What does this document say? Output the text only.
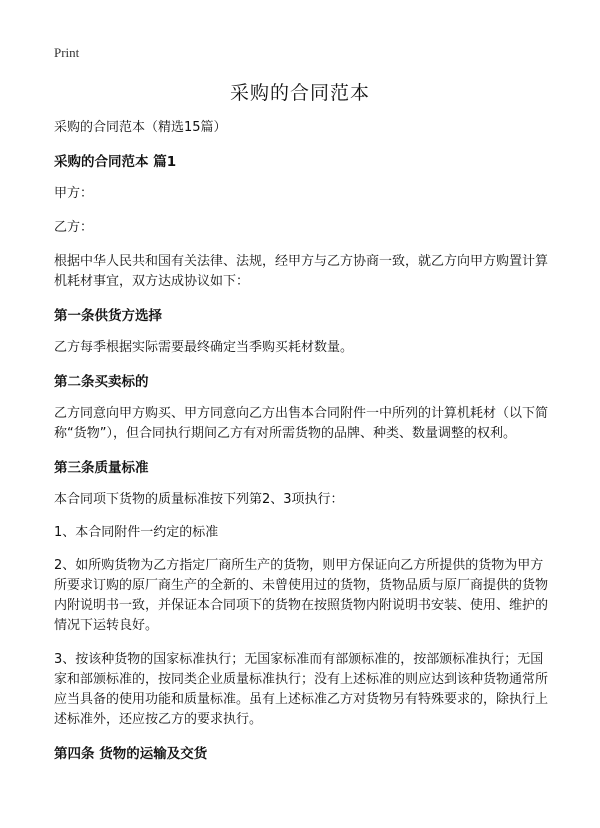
Print
采购的合同范本

采购的合同范本（精选15篇）

采购的合同范本 篇1

甲方：

乙方：

根据中华人民共和国有关法律、法规，经甲方与乙方协商一致，就乙方向甲方购置计算机耗材事宜，双方达成协议如下：

第一条供货方选择

乙方每季根据实际需要最终确定当季购买耗材数量。

第二条买卖标的

乙方同意向甲方购买、甲方同意向乙方出售本合同附件一中所列的计算机耗材（以下简称“货物”），但合同执行期间乙方有对所需货物的品牌、种类、数量调整的权利。

第三条质量标准

本合同项下货物的质量标准按下列第2、3项执行：

1、本合同附件一约定的标准

2、如所购货物为乙方指定厂商所生产的货物，则甲方保证向乙方所提供的货物为甲方所要求订购的原厂商生产的全新的、未曾使用过的货物，货物品质与原厂商提供的货物内附说明书一致，并保证本合同项下的货物在按照货物内附说明书安装、使用、维护的情况下运转良好。

3、按该种货物的国家标准执行；无国家标准而有部颁标准的，按部颁标准执行；无国家和部颁标准的，按同类企业质量标准执行；没有上述标准的则应达到该种货物通常所应当具备的使用功能和质量标准。虽有上述标准乙方对货物另有特殊要求的，除执行上述标准外，还应按乙方的要求执行。

第四条 货物的运输及交货
